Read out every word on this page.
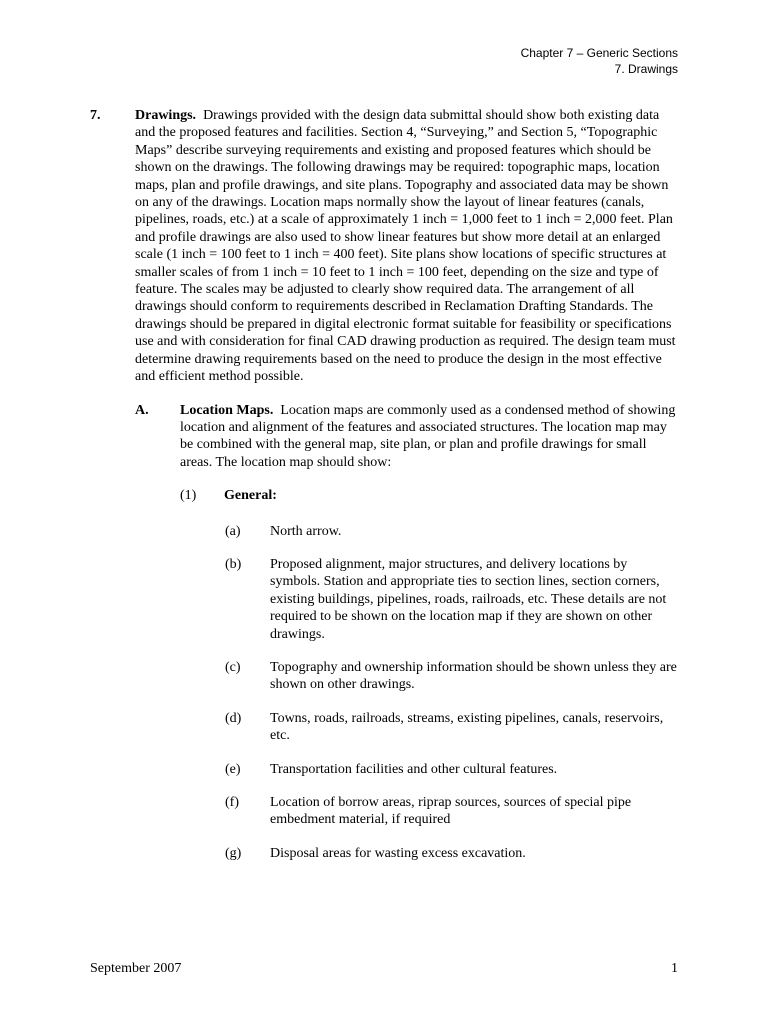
Chapter 7 – Generic Sections
7. Drawings
7.	Drawings. Drawings provided with the design data submittal should show both existing data and the proposed features and facilities. Section 4, “Surveying,” and Section 5, “Topographic Maps” describe surveying requirements and existing and proposed features which should be shown on the drawings. The following drawings may be required: topographic maps, location maps, plan and profile drawings, and site plans. Topography and associated data may be shown on any of the drawings. Location maps normally show the layout of linear features (canals, pipelines, roads, etc.) at a scale of approximately 1 inch = 1,000 feet to 1 inch = 2,000 feet. Plan and profile drawings are also used to show linear features but show more detail at an enlarged scale (1 inch = 100 feet to 1 inch = 400 feet). Site plans show locations of specific structures at smaller scales of from 1 inch = 10 feet to 1 inch = 100 feet, depending on the size and type of feature. The scales may be adjusted to clearly show required data. The arrangement of all drawings should conform to requirements described in Reclamation Drafting Standards. The drawings should be prepared in digital electronic format suitable for feasibility or specifications use and with consideration for final CAD drawing production as required. The design team must determine drawing requirements based on the need to produce the design in the most effective and efficient method possible.

A.	Location Maps. Location maps are commonly used as a condensed method of showing location and alignment of the features and associated structures. The location map may be combined with the general map, site plan, or plan and profile drawings for small areas. The location map should show:

(1)	General:
(a)	North arrow.

(b)	Proposed alignment, major structures, and delivery locations by symbols. Station and appropriate ties to section lines, section corners, existing buildings, pipelines, roads, railroads, etc. These details are not required to be shown on the location map if they are shown on other drawings.

(c)	Topography and ownership information should be shown unless they are shown on other drawings.

(d)	Towns, roads, railroads, streams, existing pipelines, canals, reservoirs, etc.

(e)	Transportation facilities and other cultural features.

(f)	Location of borrow areas, riprap sources, sources of special pipe embedment material, if required

(g)	Disposal areas for wasting excess excavation.

September 2007	1
